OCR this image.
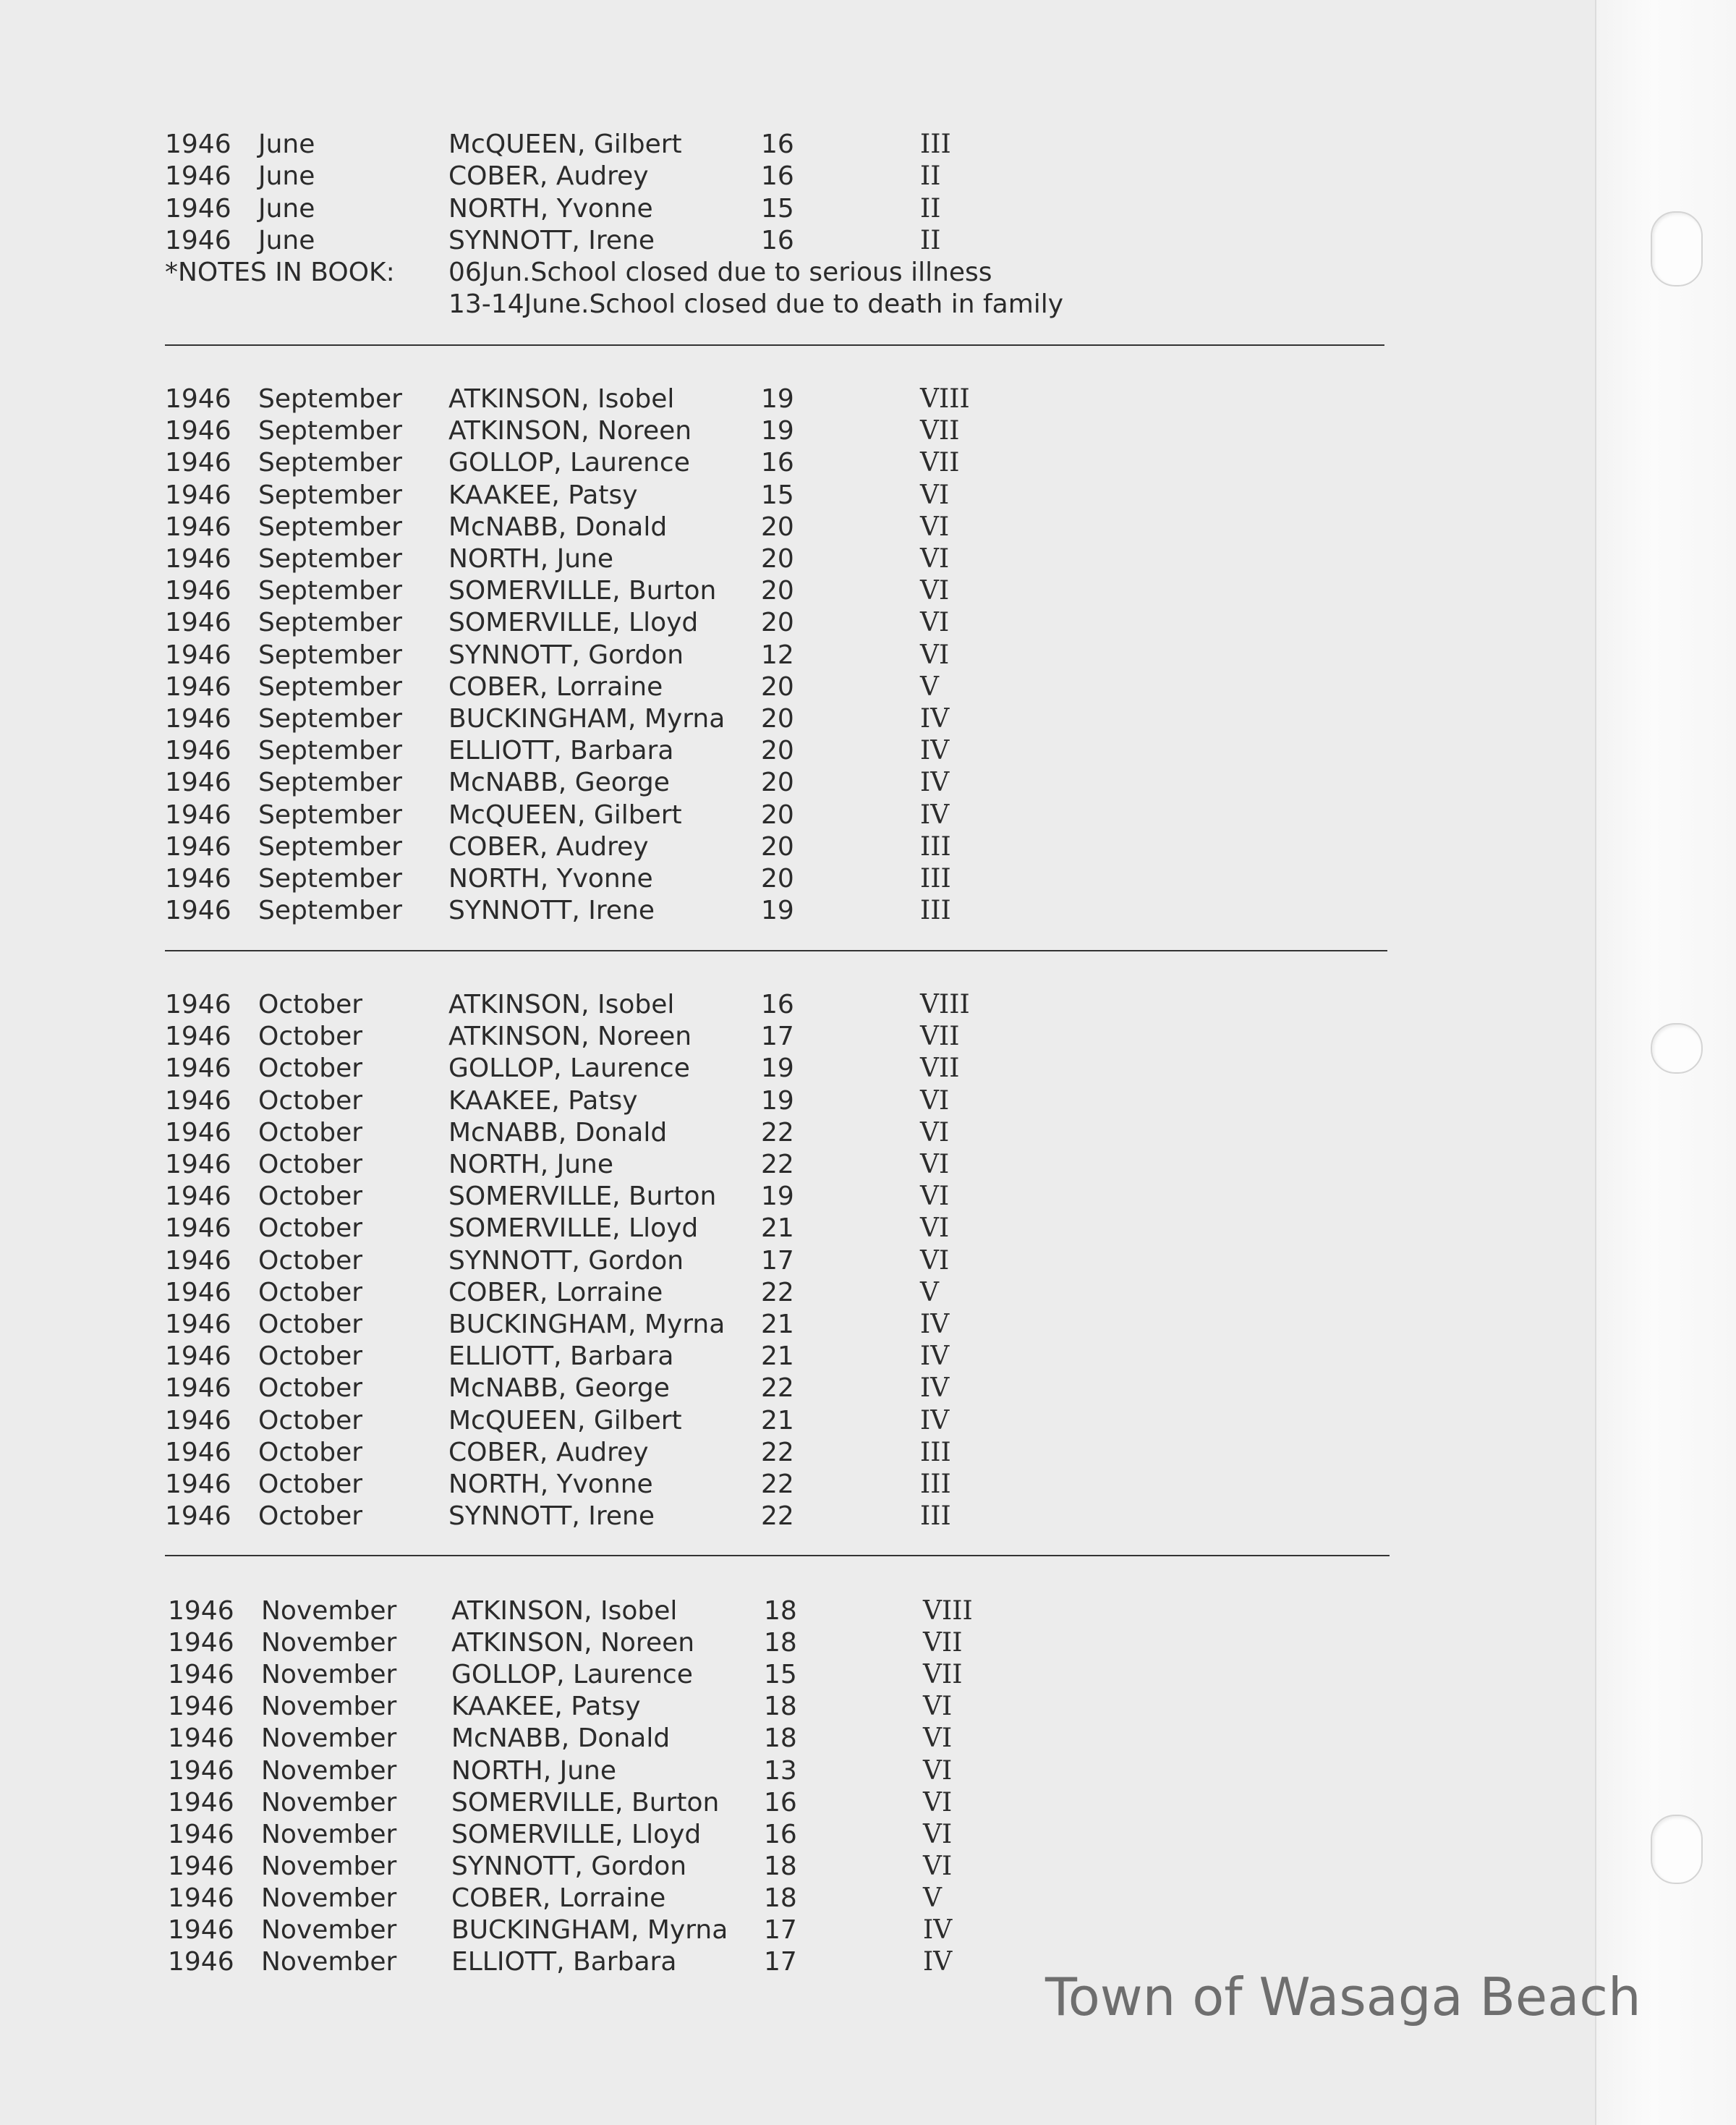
1946 June	McQUEEN, Gilbert	16	III
1946 June	COBER, Audrey	16	II
1946 June	NORTH, Yvonne	15	II
1946 June	SYNNOTT, Irene	16	II
*NOTES IN BOOK: 06Jun.School closed due to serious illness
13-14June.School closed due to death in family
1946 September ATKINSON, Isobel	19	VIII
1946 September ATKINSON, Noreen	19	VII
1946 September GOLLOP, Laurence	16	VII
1946 September KAAKEE, Patsy	15	VI
1946 September McNABB, Donald	20	VI
1946 September NORTH, June	20	VI
1946 September SOMERVILLE, Burton 20	VI
1946 September SOMERVILLE, Lloyd 20	VI
1946 September SYNNOTT, Gordon	12	VI
1946 September COBER, Lorraine	20	V
1946 September BUCKINGHAM, Myrna 20	IV
1946 September ELLIOTT, Barbara	20	IV
1946 September McNABB, George	20	IV
1946 September McQUEEN, Gilbert	20	IV
1946 September COBER, Audrey	20	III
1946 September NORTH, Yvonne	20	III
1946 September SYNNOTT, Irene	19	III
1946 October	ATKINSON, Isobel	16	VIII
1946 October	ATKINSON, Noreen	17	VII
1946 October	GOLLOP, Laurence	19	VII
1946 October	KAAKEE, Patsy	19	VI
1946 October	McNABB, Donald	22	VI
1946 October	NORTH, June	22	VI
1946 October	SOMERVILLE, Burton 19	VI
1946 October	SOMERVILLE, Lloyd 21	VI
1946 October	SYNNOTT, Gordon	17	VI
1946 October	COBER, Lorraine	22	V
1946 October	BUCKINGHAM, Myrna 21	IV
1946 October	ELLIOTT, Barbara	21	IV
1946 October	McNABB, George	22	IV
1946 October	McQUEEN, Gilbert	21	IV
1946 October	COBER, Audrey	22	III
1946 October	NORTH, Yvonne	22	III
1946 October	SYNNOTT, Irene	22	III
1946 November ATKINSON, Isobel	18	VIII
1946 November ATKINSON, Noreen	18	VII
1946 November GOLLOP, Laurence	15	VII
1946 November KAAKEE, Patsy	18	VI
1946 November McNABB, Donald	18	VI
1946 November NORTH, June	13	VI
1946 November SOMERVILLE, Burton 16	VI
1946 November SOMERVILLE, Lloyd 16	VI
1946 November SYNNOTT, Gordon	18	VI
1946 November COBER, Lorraine	18	V
1946 November BUCKINGHAM, Myrna 17	IV
1946 November ELLIOTT, Barbara	17	IV
Town of Wasaga Beach
